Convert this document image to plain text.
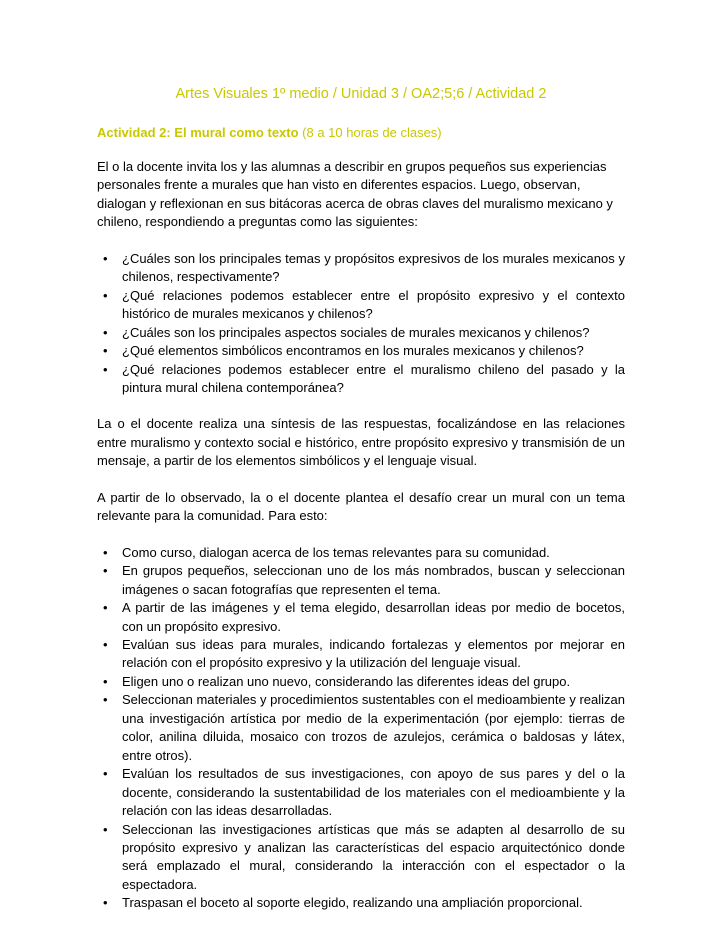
Artes Visuales 1º medio / Unidad 3 / OA2;5;6 / Actividad 2
Actividad 2: El mural como texto (8 a 10 horas de clases)

El o la docente invita los y las alumnas a describir en grupos pequeños sus experiencias personales frente a murales que han visto en diferentes espacios. Luego, observan, dialogan y reflexionan en sus bitácoras acerca de obras claves del muralismo mexicano y chileno, respondiendo a preguntas como las siguientes:

• ¿Cuáles son los principales temas y propósitos expresivos de los murales mexicanos y chilenos, respectivamente?
• ¿Qué relaciones podemos establecer entre el propósito expresivo y el contexto histórico de murales mexicanos y chilenos?
• ¿Cuáles son los principales aspectos sociales de murales mexicanos y chilenos?
• ¿Qué elementos simbólicos encontramos en los murales mexicanos y chilenos?
• ¿Qué relaciones podemos establecer entre el muralismo chileno del pasado y la pintura mural chilena contemporánea?

La o el docente realiza una síntesis de las respuestas, focalizándose en las relaciones entre muralismo y contexto social e histórico, entre propósito expresivo y transmisión de un mensaje, a partir de los elementos simbólicos y el lenguaje visual.

A partir de lo observado, la o el docente plantea el desafío crear un mural con un tema relevante para la comunidad. Para esto:

• Como curso, dialogan acerca de los temas relevantes para su comunidad.
• En grupos pequeños, seleccionan uno de los más nombrados, buscan y seleccionan imágenes o sacan fotografías que representen el tema.
• A partir de las imágenes y el tema elegido, desarrollan ideas por medio de bocetos, con un propósito expresivo.
• Evalúan sus ideas para murales, indicando fortalezas y elementos por mejorar en relación con el propósito expresivo y la utilización del lenguaje visual.
• Eligen uno o realizan uno nuevo, considerando las diferentes ideas del grupo.
• Seleccionan materiales y procedimientos sustentables con el medioambiente y realizan una investigación artística por medio de la experimentación (por ejemplo: tierras de color, anilina diluida, mosaico con trozos de azulejos, cerámica o baldosas y látex, entre otros).
• Evalúan los resultados de sus investigaciones, con apoyo de sus pares y del o la docente, considerando la sustentabilidad de los materiales con el medioambiente y la relación con las ideas desarrolladas.
• Seleccionan las investigaciones artísticas que más se adapten al desarrollo de su propósito expresivo y analizan las características del espacio arquitectónico donde será emplazado el mural, considerando la interacción con el espectador o la espectadora.
• Traspasan el boceto al soporte elegido, realizando una ampliación proporcional.
